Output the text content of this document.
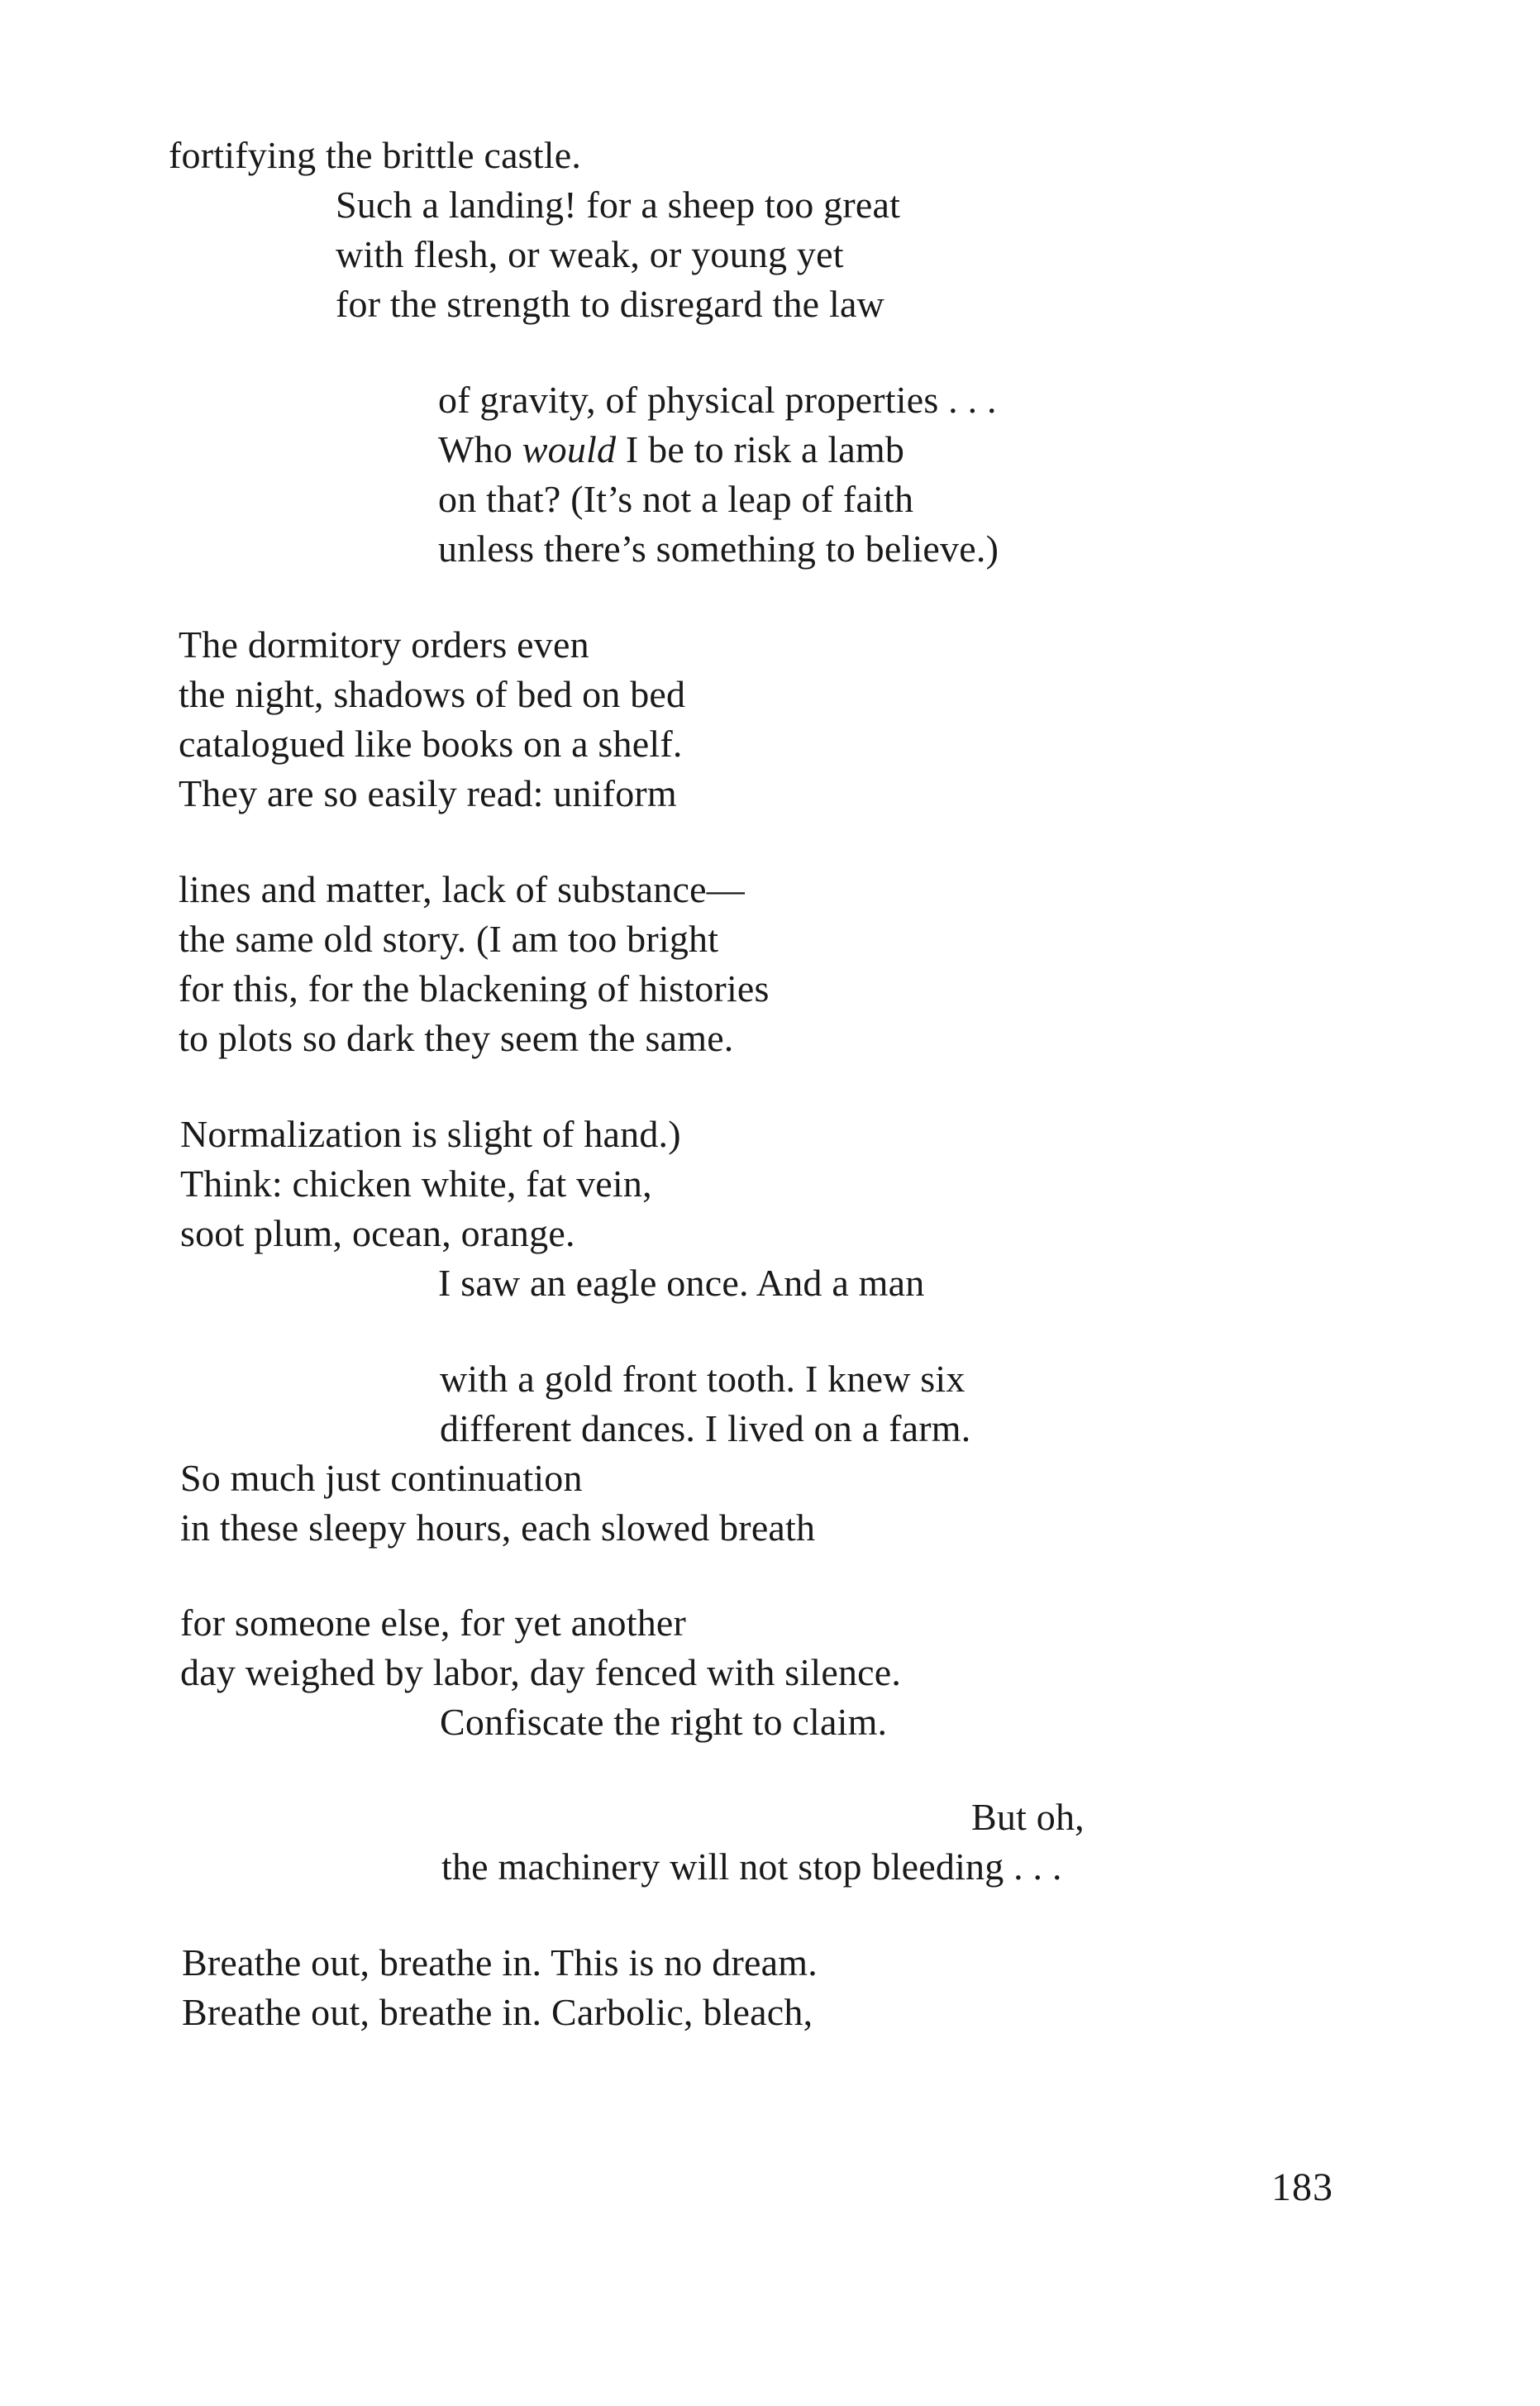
fortifying the brittle castle.
Such a landing! for a sheep too great
with flesh, or weak, or young yet
for the strength to disregard the law
of gravity, of physical properties . . .
Who would I be to risk a lamb
on that? (It’s not a leap of faith
unless there’s something to believe.)
The dormitory orders even
the night, shadows of bed on bed
catalogued like books on a shelf.
They are so easily read: uniform
lines and matter, lack of substance—
the same old story. (I am too bright
for this, for the blackening of histories
to plots so dark they seem the same.
Normalization is slight of hand.)
Think: chicken white, fat vein,
soot plum, ocean, orange.
I saw an eagle once. And a man
with a gold front tooth. I knew six
different dances. I lived on a farm.
So much just continuation
in these sleepy hours, each slowed breath
for someone else, for yet another
day weighed by labor, day fenced with silence.
Confiscate the right to claim.
But oh,
the machinery will not stop bleeding . . .
Breathe out, breathe in. This is no dream.
Breathe out, breathe in. Carbolic, bleach,
183
